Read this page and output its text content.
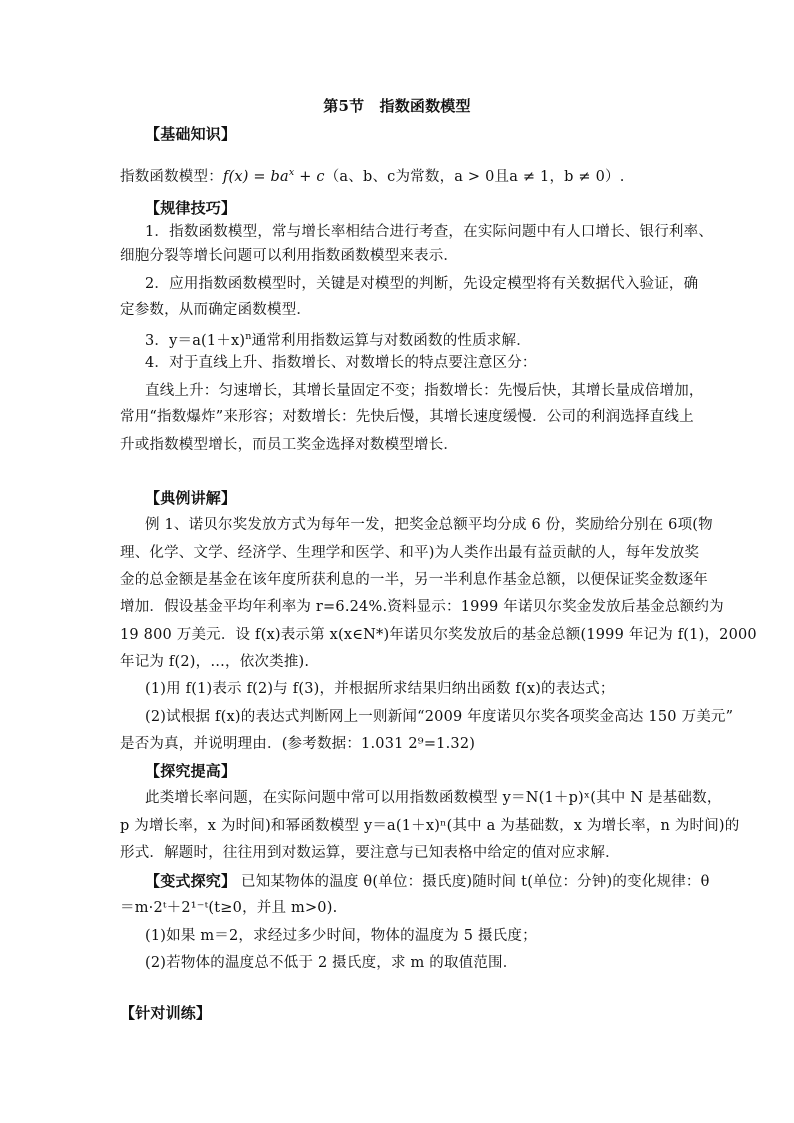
第5节　指数函数模型
【基础知识】
指数函数模型：$f(x) = ba^x + c(a$、b、c为常数，a > 0且a ≠ 1，b ≠ 0）.
【规律技巧】
1．指数函数模型，常与增长率相结合进行考查，在实际问题中有人口增长、银行利率、
细胞分裂等增长问题可以利用指数函数模型来表示．
2．应用指数函数模型时，关键是对模型的判断，先设定模型将有关数据代入验证，确
定参数，从而确定函数模型．
3．$y=a(1+x)^n$通常利用指数运算与对数函数的性质求解．
4．对于直线上升、指数增长、对数增长的特点要注意区分：
直线上升：匀速增长，其增长量固定不变；指数增长：先慢后快，其增长量成倍增加，
常用“指数爆炸”来形容；对数增长：先快后慢，其增长速度缓慢．公司的利润选择直线上
升或指数模型增长，而员工奖金选择对数模型增长．
【典例讲解】
例 1、诺贝尔奖发放方式为每年一发，把奖金总额平均分成 6 份，奖励给分别在 6项(物
理、化学、文学、经济学、生理学和医学、和平)为人类作出最有益贡献的人，每年发放奖
金的总金额是基金在该年度所获利息的一半，另一半利息作基金总额，以便保证奖金数逐年
增加．假设基金平均年利率为 r=6.24%.资料显示：1999 年诺贝尔奖金发放后基金总额约为
19 800 万美元．设 f(x)表示第 x(x∈N*)年诺贝尔奖发放后的基金总额(1999 年记为 f(1)，2000
年记为 f(2)，…，依次类推).
(1)用 f(1)表示 f(2)与 f(3)，并根据所求结果归纳出函数 f(x)的表达式；
(2)试根据 f(x)的表达式判断网上一则新闻“2009 年度诺贝尔奖各项奖金高达 150 万美元”
是否为真，并说明理由．(参考数据：1.031 2⁹=1.32)
【探究提高】
此类增长率问题，在实际问题中常可以用指数函数模型 y＝N(1＋p)ˣ(其中 N 是基础数，
p 为增长率，x 为时间)和幂函数模型 y＝a(1＋x)ⁿ(其中 a 为基础数，x 为增长率，n 为时间)的
形式．解题时，往往用到对数运算，要注意与已知表格中给定的值对应求解．
【变式探究】 已知某物体的温度 θ(单位：摄氏度)随时间 t(单位：分钟)的变化规律：θ
＝m·2ᵗ＋2¹⁻ᵗ(t≥0，并且 m>0).
(1)如果 m＝2，求经过多少时间，物体的温度为 5 摄氏度；
(2)若物体的温度总不低于 2 摄氏度，求 m 的取值范围．
【针对训练】
